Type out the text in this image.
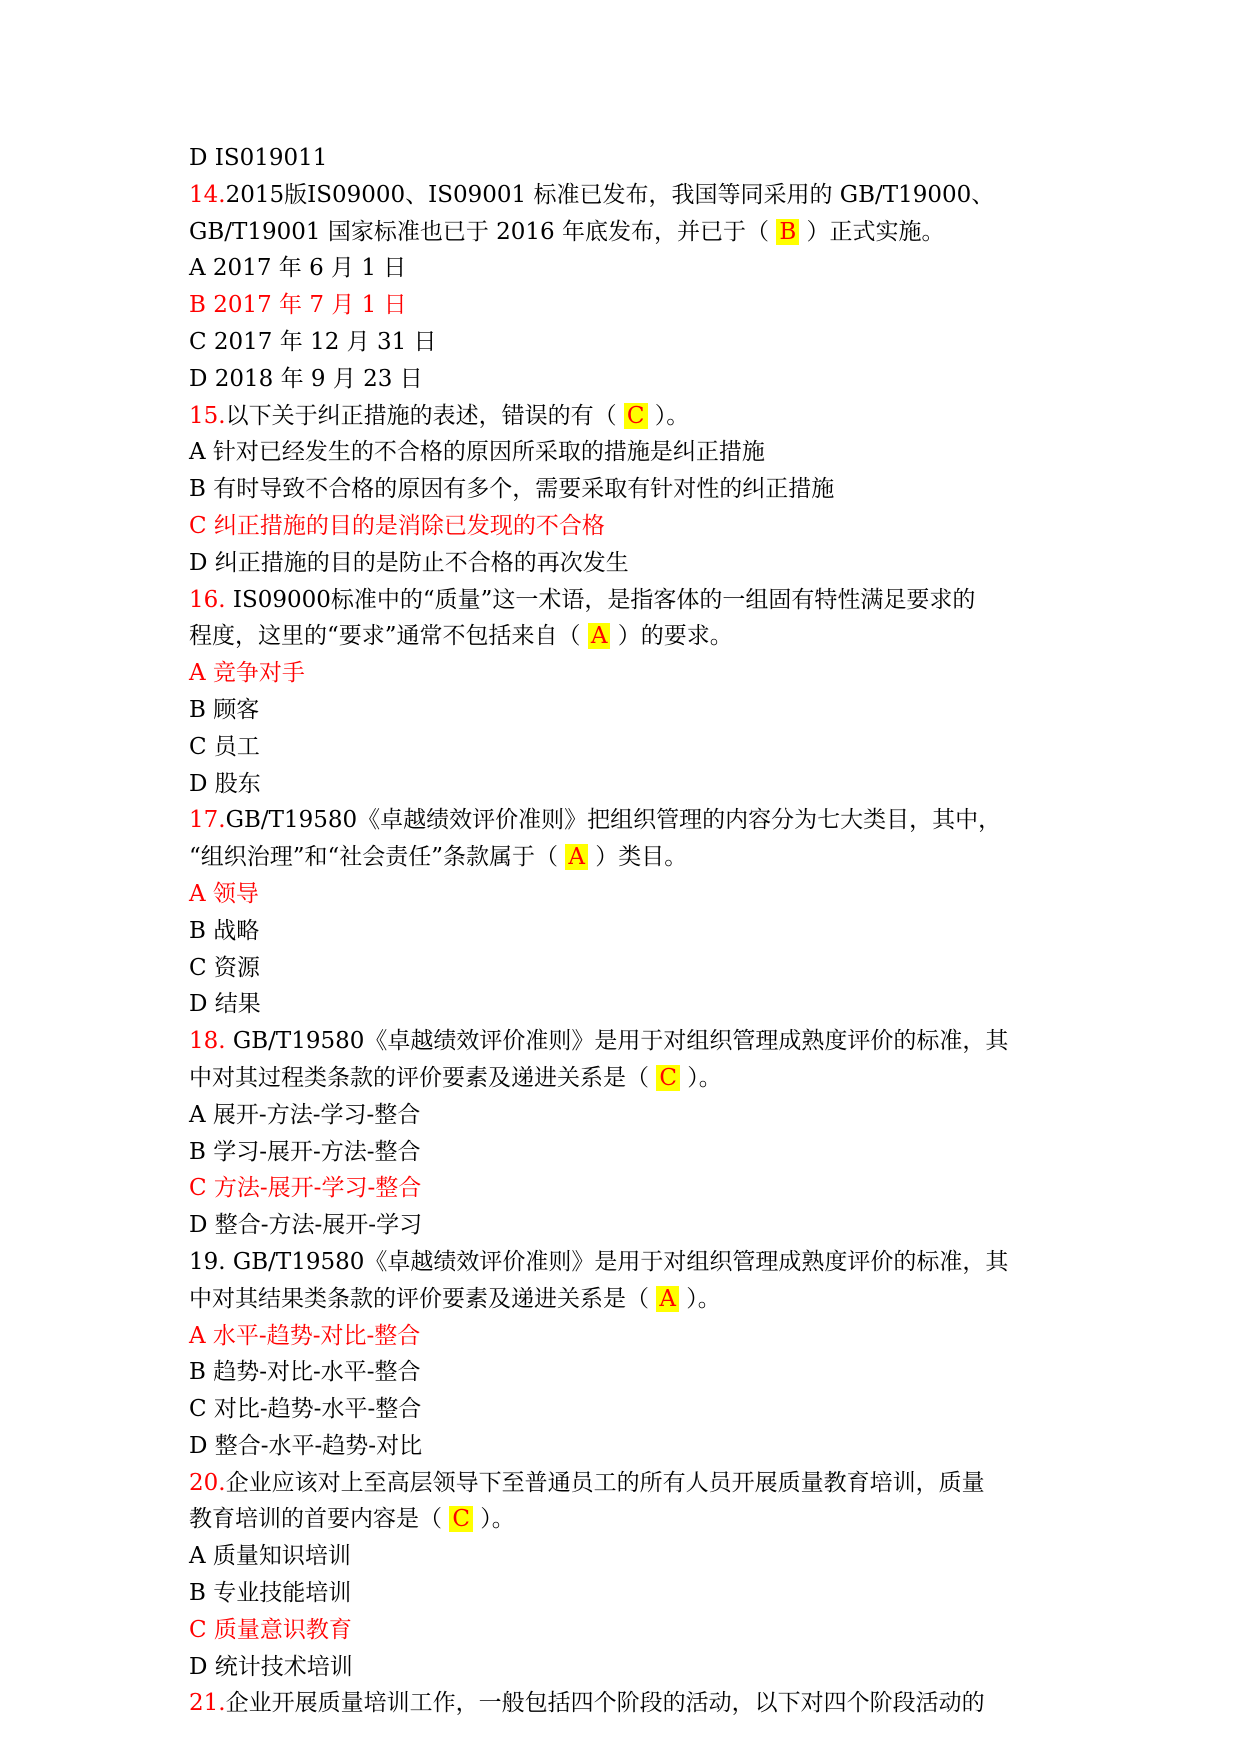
D IS019011
14.2015版IS09000、IS09001 标准已发布，我国等同采用的 GB/T19000、
GB/T19001 国家标准也已于 2016 年底发布，并已于（ B ）正式实施。
A 2017 年 6 月 1 日
B 2017 年 7 月 1 日
C 2017 年 12 月 31 日
D 2018 年 9 月 23 日
15.以下关于纠正措施的表述，错误的有（ C ）。
A 针对已经发生的不合格的原因所采取的措施是纠正措施
B 有时导致不合格的原因有多个，需要采取有针对性的纠正措施
C 纠正措施的目的是消除已发现的不合格
D 纠正措施的目的是防止不合格的再次发生
16. IS09000标准中的“质量”这一术语，是指客体的一组固有特性满足要求的
程度，这里的“要求”通常不包括来自（ A ）的要求。
A 竞争对手
B 顾客
C 员工
D 股东
17.GB/T19580《卓越绩效评价准则》把组织管理的内容分为七大类目，其中，
“组织治理”和“社会责任”条款属于（ A ）类目。
A 领导
B 战略
C 资源
D 结果
18. GB/T19580《卓越绩效评价准则》是用于对组织管理成熟度评价的标准，其
中对其过程类条款的评价要素及递进关系是（ C ）。
A 展开-方法-学习-整合
B 学习-展开-方法-整合
C 方法-展开-学习-整合
D 整合-方法-展开-学习
19. GB/T19580《卓越绩效评价准则》是用于对组织管理成熟度评价的标准，其
中对其结果类条款的评价要素及递进关系是（ A ）。
A 水平-趋势-对比-整合
B 趋势-对比-水平-整合
C 对比-趋势-水平-整合
D 整合-水平-趋势-对比
20.企业应该对上至高层领导下至普通员工的所有人员开展质量教育培训，质量
教育培训的首要内容是（ C ）。
A 质量知识培训
B 专业技能培训
C 质量意识教育
D 统计技术培训
21.企业开展质量培训工作，一般包括四个阶段的活动，以下对四个阶段活动的
